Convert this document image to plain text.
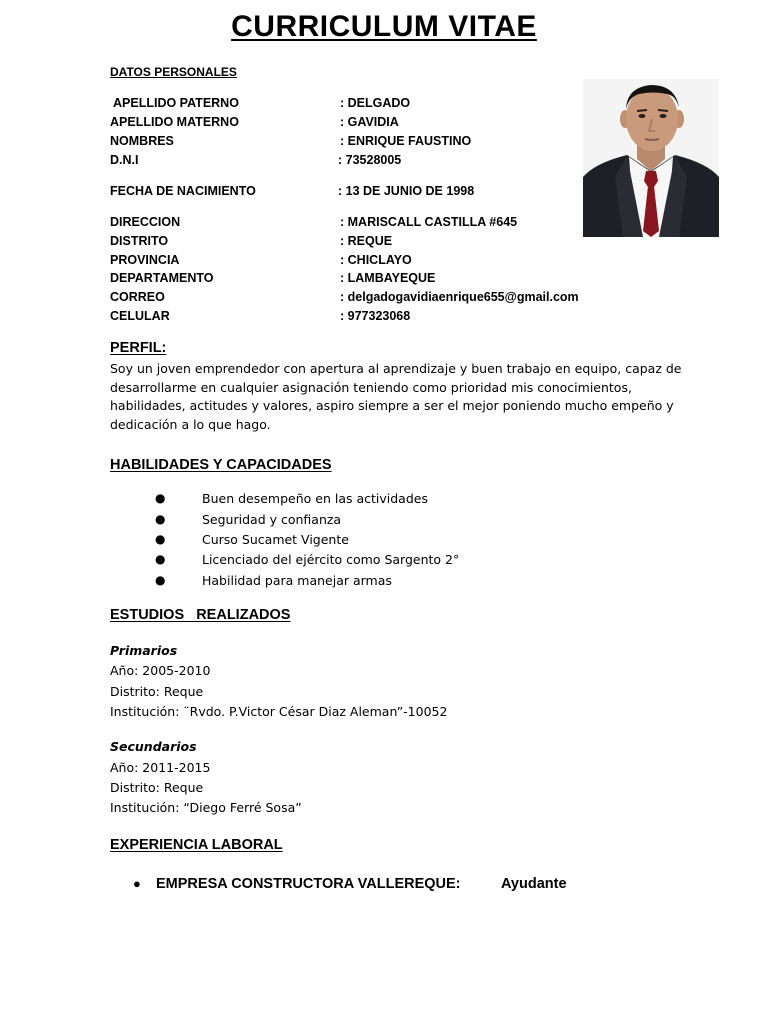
CURRICULUM VITAE
DATOS PERSONALES
APELLIDO PATERNO	: DELGADO
APELLIDO MATERNO	: GAVIDIA
NOMBRES	: ENRIQUE FAUSTINO
D.N.I	: 73528005
FECHA DE NACIMIENTO	: 13 DE JUNIO DE 1998
DIRECCION	: MARISCALL CASTILLA #645
DISTRITO	: REQUE
PROVINCIA	: CHICLAYO
DEPARTAMENTO	: LAMBAYEQUE
CORREO	: delgadogavidiaenrique655@gmail.com
CELULAR	: 977323068
PERFIL:
Soy un joven emprendedor con apertura al aprendizaje y buen trabajo en equipo, capaz de desarrollarme en cualquier asignación teniendo como prioridad mis conocimientos, habilidades, actitudes y valores, aspiro siempre a ser el mejor poniendo mucho empeño y dedicación a lo que hago.
HABILIDADES Y CAPACIDADES
●	Buen desempeño en las actividades
●	Seguridad y confianza
●	Curso Sucamet Vigente
●	Licenciado del ejército como Sargento 2°
●	Habilidad para manejar armas
ESTUDIOS   REALIZADOS
Primarios
Año: 2005-2010
Distrito: Reque
Institución: ¨Rvdo. P.Victor César Diaz Aleman”-10052
Secundarios
Año: 2011-2015
Distrito: Reque
Institución: “Diego Ferré Sosa”
EXPERIENCIA LABORAL
● EMPRESA CONSTRUCTORA VALLEREQUE:	Ayudante
